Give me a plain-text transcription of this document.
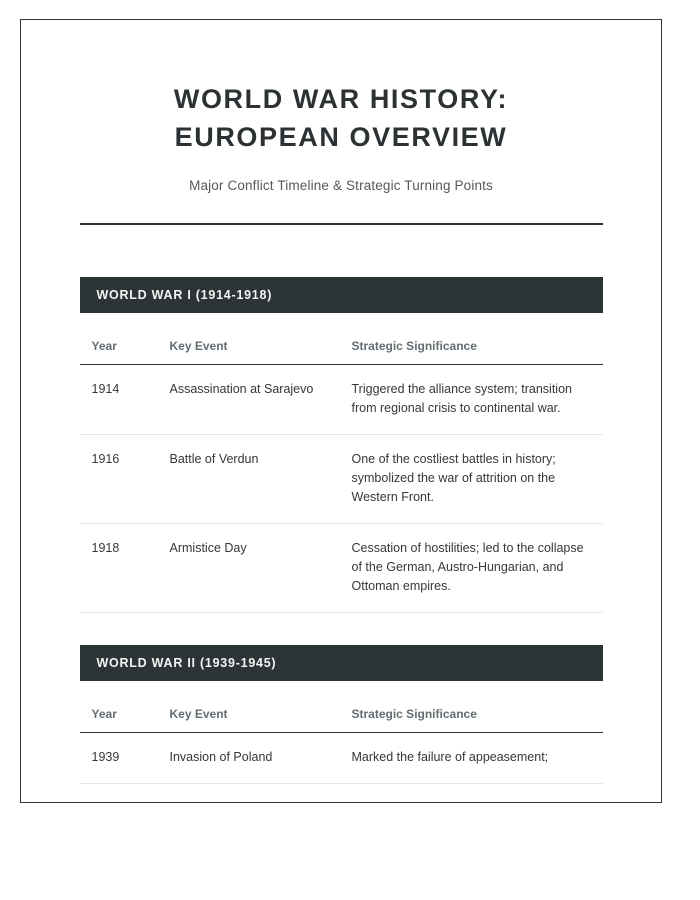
WORLD WAR HISTORY:
EUROPEAN OVERVIEW

Major Conflict Timeline & Strategic Turning Points

WORLD WAR I (1914-1918)
Year	Key Event	Strategic Significance
1914	Assassination at Sarajevo	Triggered the alliance system; transition from regional crisis to continental war.
1916	Battle of Verdun	One of the costliest battles in history; symbolized the war of attrition on the Western Front.
1918	Armistice Day	Cessation of hostilities; led to the collapse of the German, Austro-Hungarian, and Ottoman empires.
WORLD WAR II (1939-1945)
Year	Key Event	Strategic Significance
1939	Invasion of Poland	Marked the failure of appeasement;
